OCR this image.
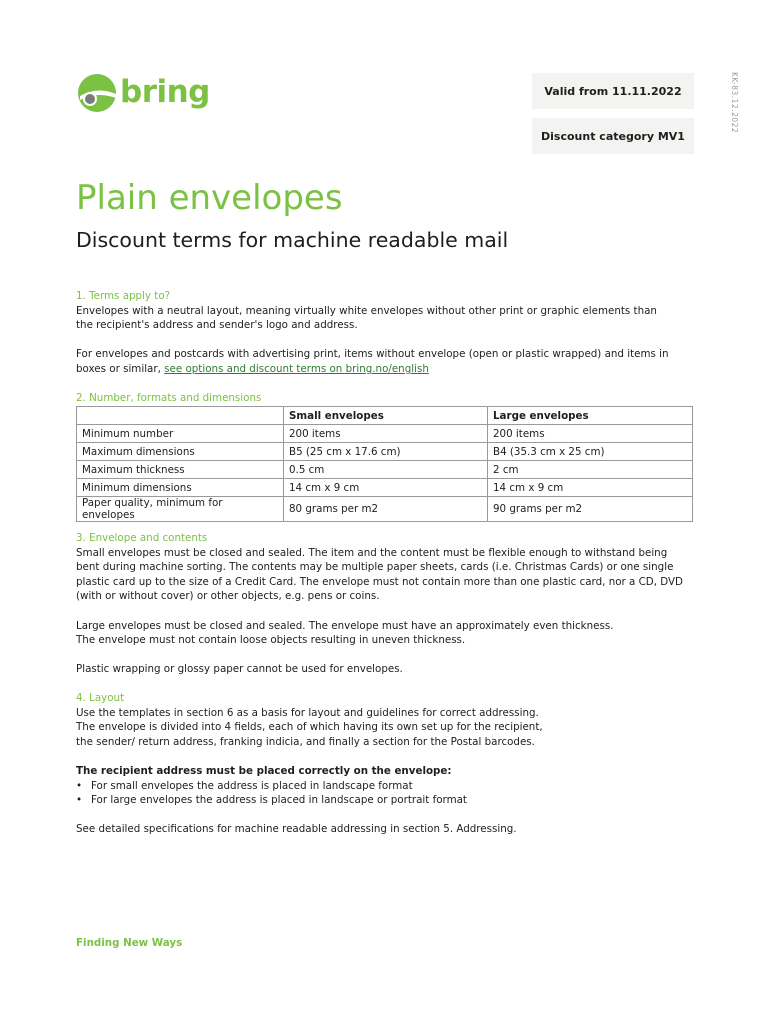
bring	Valid from 11.11.2022
Discount category MV1
KK-83.12.2022
Plain envelopes
Discount terms for machine readable mail
1. Terms apply to?

Envelopes with a neutral layout, meaning virtually white envelopes without other print or graphic elements than the recipient's address and sender's logo and address.

For envelopes and postcards with advertising print, items without envelope (open or plastic wrapped) and items in boxes or similar, see options and discount terms on bring.no/english

2. Number, formats and dimensions
	Small envelopes	Large envelopes
Minimum number	200 items	200 items
Maximum dimensions	B5 (25 cm x 17.6 cm)	B4 (35.3 cm x 25 cm)
Maximum thickness	0.5 cm	2 cm
Minimum dimensions	14 cm x 9 cm	14 cm x 9 cm
Paper quality, minimum for envelopes	80 grams per m2	90 grams per m2
3. Envelope and contents

Small envelopes must be closed and sealed. The item and the content must be flexible enough to withstand being bent during machine sorting. The contents may be multiple paper sheets, cards (i.e. Christmas Cards) or one single plastic card up to the size of a Credit Card. The envelope must not contain more than one plastic card, nor a CD, DVD (with or without cover) or other objects, e.g. pens or coins.

Large envelopes must be closed and sealed. The envelope must have an approximately even thickness.

The envelope must not contain loose objects resulting in uneven thickness.

Plastic wrapping or glossy paper cannot be used for envelopes.

4. Layout

Use the templates in section 6 as a basis for layout and guidelines for correct addressing.

The envelope is divided into 4 fields, each of which having its own set up for the recipient,

the sender/ return address, franking indicia, and finally a section for the Postal barcodes.

The recipient address must be placed correctly on the envelope:

• For small envelopes the address is placed in landscape format
• For large envelopes the address is placed in landscape or portrait format

See detailed specifications for machine readable addressing in section 5. Addressing.

Finding New Ways
